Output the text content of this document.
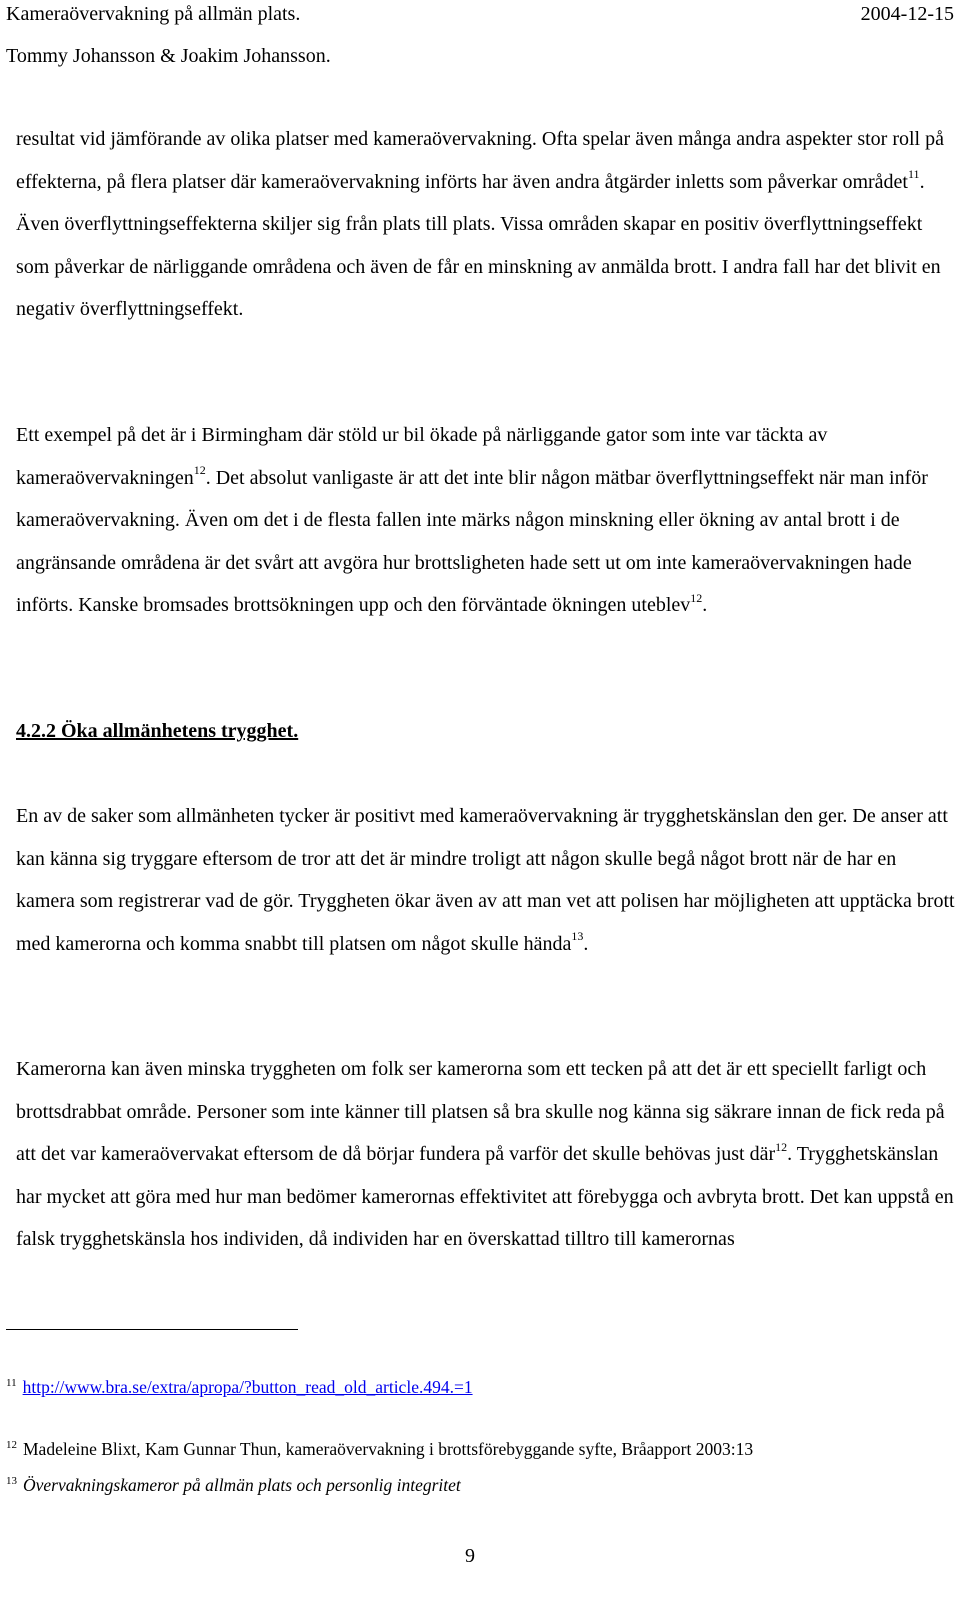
Kameraövervakning på allmän plats.	2004-12-15
Tommy Johansson & Joakim Johansson.

resultat vid jämförande av olika platser med kameraövervakning. Ofta spelar även många andra aspekter stor roll på effekterna, på flera platser där kameraövervakning införts har även andra åtgärder inletts som påverkar området$^{11}$. Även överflyttningseffekterna skiljer sig från plats till plats. Vissa områden skapar en positiv överflyttningseffekt som påverkar de närliggande områdena och även de får en minskning av anmälda brott. I andra fall har det blivit en negativ överflyttningseffekt.

Ett exempel på det är i Birmingham där stöld ur bil ökade på närliggande gator som inte var täckta av kameraövervakningen$^{12}$. Det absolut vanligaste är att det inte blir någon mätbar överflyttningseffekt när man inför kameraövervakning. Även om det i de flesta fallen inte märks någon minskning eller ökning av antal brott i de angränsande områdena är det svårt att avgöra hur brottsligheten hade sett ut om inte kameraövervakningen hade införts. Kanske bromsades brottsökningen upp och den förväntade ökningen uteblev$^{12}$.

4.2.2 Öka allmänhetens trygghet.

En av de saker som allmänheten tycker är positivt med kameraövervakning är trygghetskänslan den ger. De anser att kan känna sig tryggare eftersom de tror att det är mindre troligt att någon skulle begå något brott när de har en kamera som registrerar vad de gör. Tryggheten ökar även av att man vet att polisen har möjligheten att upptäcka brott med kamerorna och komma snabbt till platsen om något skulle hända$^{13}$.

Kamerorna kan även minska tryggheten om folk ser kamerorna som ett tecken på att det är ett speciellt farligt och brottsdrabbat område. Personer som inte känner till platsen så bra skulle nog känna sig säkrare innan de fick reda på att det var kameraövervakat eftersom de då börjar fundera på varför det skulle behövas just där$^{12}$. Trygghetskänslan har mycket att göra med hur man bedömer kamerornas effektivitet att förebygga och avbryta brott. Det kan uppstå en falsk trygghetskänsla hos individen, då individen har en överskattad tilltro till kamerornas

$^{11}$ http://www.bra.se/extra/apropa/?button_read_old_article.494.=1
$^{12}$ Madeleine Blixt, Kam Gunnar Thun, kameraövervakning i brottsförebyggande syfte, Bråapport 2003:13
$^{13}$ Övervakningskameror på allmän plats och personlig integritet
9
